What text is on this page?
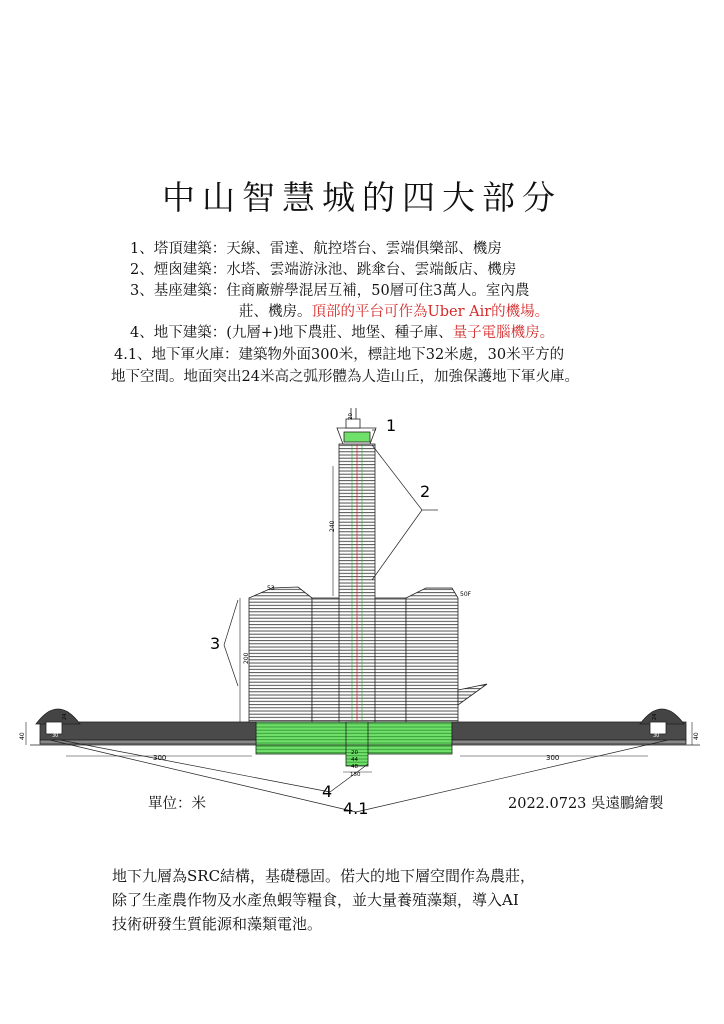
中山智慧城的四大部分
1、塔頂建築：天線、雷達、航控塔台、雲端俱樂部、機房
2、煙囪建築：水塔、雲端游泳池、跳傘台、雲端飯店、機房
3、基座建築：住商廠辦學混居互補，50層可住3萬人。室內農
莊、機房。頂部的平台可作為Uber Air的機場。
4、地下建築：(九層+)地下農莊、地堡、種子庫、量子電腦機房。
4.1、地下軍火庫：建築物外面300米，標註地下32米處，30米平方的
地下空間。地面突出24米高之弧形體為人造山丘，加強保護地下軍火庫。
1
2
3
4
4.1
240
200
53
50F
20
20
44
48
150
300	300
40	40
24	24
32	32
30	30
單位：米	2022.0723 吳遠鵬繪製
地下九層為SRC結構，基礎穩固。偌大的地下層空間作為農莊，
除了生產農作物及水產魚蝦等糧食，並大量養殖藻類，導入AI
技術研發生質能源和藻類電池。
